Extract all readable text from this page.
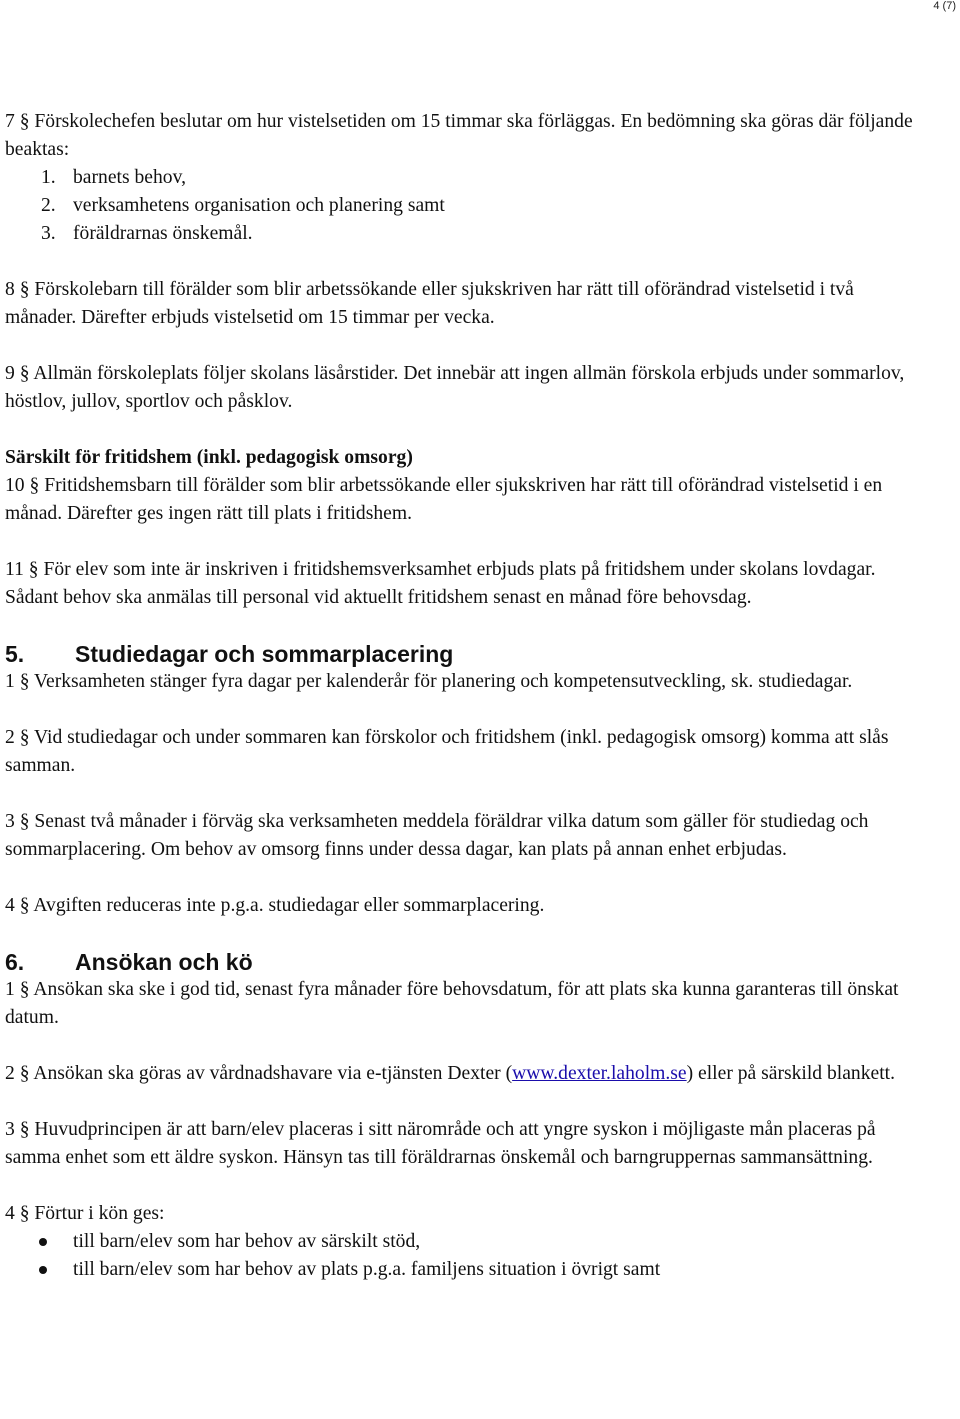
4 (7)

7 § Förskolechefen beslutar om hur vistelsetiden om 15 timmar ska förläggas. En bedömning ska göras där följande beaktas:

1. barnets behov,
2. verksamhetens organisation och planering samt
3. föräldrarnas önskemål.

8 § Förskolebarn till förälder som blir arbetssökande eller sjukskriven har rätt till oförändrad vistelsetid i två månader. Därefter erbjuds vistelsetid om 15 timmar per vecka.

9 § Allmän förskoleplats följer skolans läsårstider. Det innebär att ingen allmän förskola erbjuds under sommarlov, höstlov, jullov, sportlov och påsklov.

Särskilt för fritidshem (inkl. pedagogisk omsorg)

10 § Fritidshemsbarn till förälder som blir arbetssökande eller sjukskriven har rätt till oförändrad vistelsetid i en månad. Därefter ges ingen rätt till plats i fritidshem.

11 § För elev som inte är inskriven i fritidshemsverksamhet erbjuds plats på fritidshem under skolans lovdagar. Sådant behov ska anmälas till personal vid aktuellt fritidshem senast en månad före behovsdag.

5. Studiedagar och sommarplacering

1 § Verksamheten stänger fyra dagar per kalenderår för planering och kompetensutveckling, sk. studiedagar.

2 § Vid studiedagar och under sommaren kan förskolor och fritidshem (inkl. pedagogisk omsorg) komma att slås samman.

3 § Senast två månader i förväg ska verksamheten meddela föräldrar vilka datum som gäller för studiedag och sommarplacering. Om behov av omsorg finns under dessa dagar, kan plats på annan enhet erbjudas.

4 § Avgiften reduceras inte p.g.a. studiedagar eller sommarplacering.

6. Ansökan och kö

1 § Ansökan ska ske i god tid, senast fyra månader före behovsdatum, för att plats ska kunna garanteras till önskat datum.

2 § Ansökan ska göras av vårdnadshavare via e-tjänsten Dexter (www.dexter.laholm.se) eller på särskild blankett.

3 § Huvudprincipen är att barn/elev placeras i sitt närområde och att yngre syskon i möjligaste mån placeras på samma enhet som ett äldre syskon. Hänsyn tas till föräldrarnas önskemål och barngruppernas sammansättning.

4 § Förtur i kön ges:

till barn/elev som har behov av särskilt stöd,
till barn/elev som har behov av plats p.g.a. familjens situation i övrigt samt
